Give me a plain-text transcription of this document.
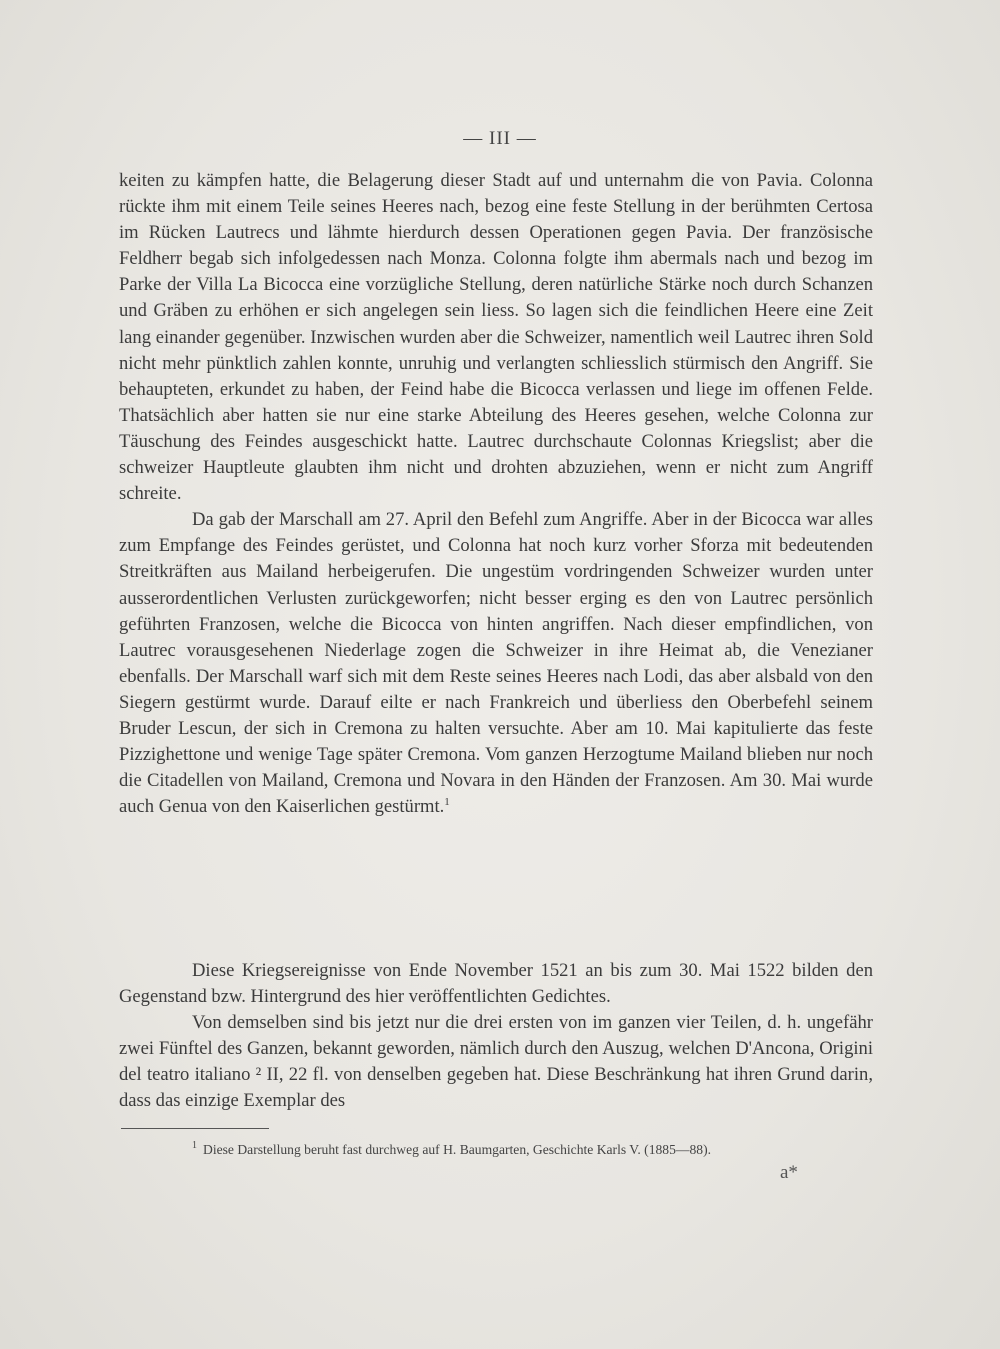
— III —

keiten zu kämpfen hatte, die Belagerung dieser Stadt auf und unternahm die von Pavia. Colonna rückte ihm mit einem Teile seines Heeres nach, bezog eine feste Stellung in der berühmten Certosa im Rücken Lautrecs und lähmte hierdurch dessen Operationen gegen Pavia. Der französische Feldherr begab sich infolgedessen nach Monza. Colonna folgte ihm abermals nach und bezog im Parke der Villa La Bicocca eine vorzügliche Stellung, deren natürliche Stärke noch durch Schanzen und Gräben zu erhöhen er sich angelegen sein liess. So lagen sich die feindlichen Heere eine Zeit lang einander gegenüber. Inzwischen wurden aber die Schweizer, namentlich weil Lautrec ihren Sold nicht mehr pünktlich zahlen konnte, unruhig und verlangten schliesslich stürmisch den Angriff. Sie behaupteten, erkundet zu haben, der Feind habe die Bicocca verlassen und liege im offenen Felde. Thatsächlich aber hatten sie nur eine starke Abteilung des Heeres gesehen, welche Colonna zur Täuschung des Feindes ausgeschickt hatte. Lautrec durchschaute Colonnas Kriegslist; aber die schweizer Hauptleute glaubten ihm nicht und drohten abzuziehen, wenn er nicht zum Angriff schreite.

Da gab der Marschall am 27. April den Befehl zum Angriffe. Aber in der Bicocca war alles zum Empfange des Feindes gerüstet, und Colonna hat noch kurz vorher Sforza mit bedeutenden Streitkräften aus Mailand herbeigerufen. Die ungestüm vordringenden Schweizer wurden unter ausserordentlichen Verlusten zurückgeworfen; nicht besser erging es den von Lautrec persönlich geführten Franzosen, welche die Bicocca von hinten angriffen. Nach dieser empfindlichen, von Lautrec vorausgesehenen Niederlage zogen die Schweizer in ihre Heimat ab, die Venezianer ebenfalls. Der Marschall warf sich mit dem Reste seines Heeres nach Lodi, das aber alsbald von den Siegern gestürmt wurde. Darauf eilte er nach Frankreich und überliess den Oberbefehl seinem Bruder Lescun, der sich in Cremona zu halten versuchte. Aber am 10. Mai kapitulierte das feste Pizzighettone und wenige Tage später Cremona. Vom ganzen Herzogtume Mailand blieben nur noch die Citadellen von Mailand, Cremona und Novara in den Händen der Franzosen. Am 30. Mai wurde auch Genua von den Kaiserlichen gestürmt.$^1$

Diese Kriegsereignisse von Ende November 1521 an bis zum 30. Mai 1522 bilden den Gegenstand bzw. Hintergrund des hier veröffentlichten Gedichtes.

Von demselben sind bis jetzt nur die drei ersten von im ganzen vier Teilen, d. h. ungefähr zwei Fünftel des Ganzen, bekannt geworden, nämlich durch den Auszug, welchen D'Ancona, Origini del teatro italiano ² II, 22 fl. von denselben gegeben hat. Diese Beschränkung hat ihren Grund darin, dass das einzige Exemplar des

$^1$ Diese Darstellung beruht fast durchweg auf H. Baumgarten, Geschichte Karls V. (1885—88).
a*
